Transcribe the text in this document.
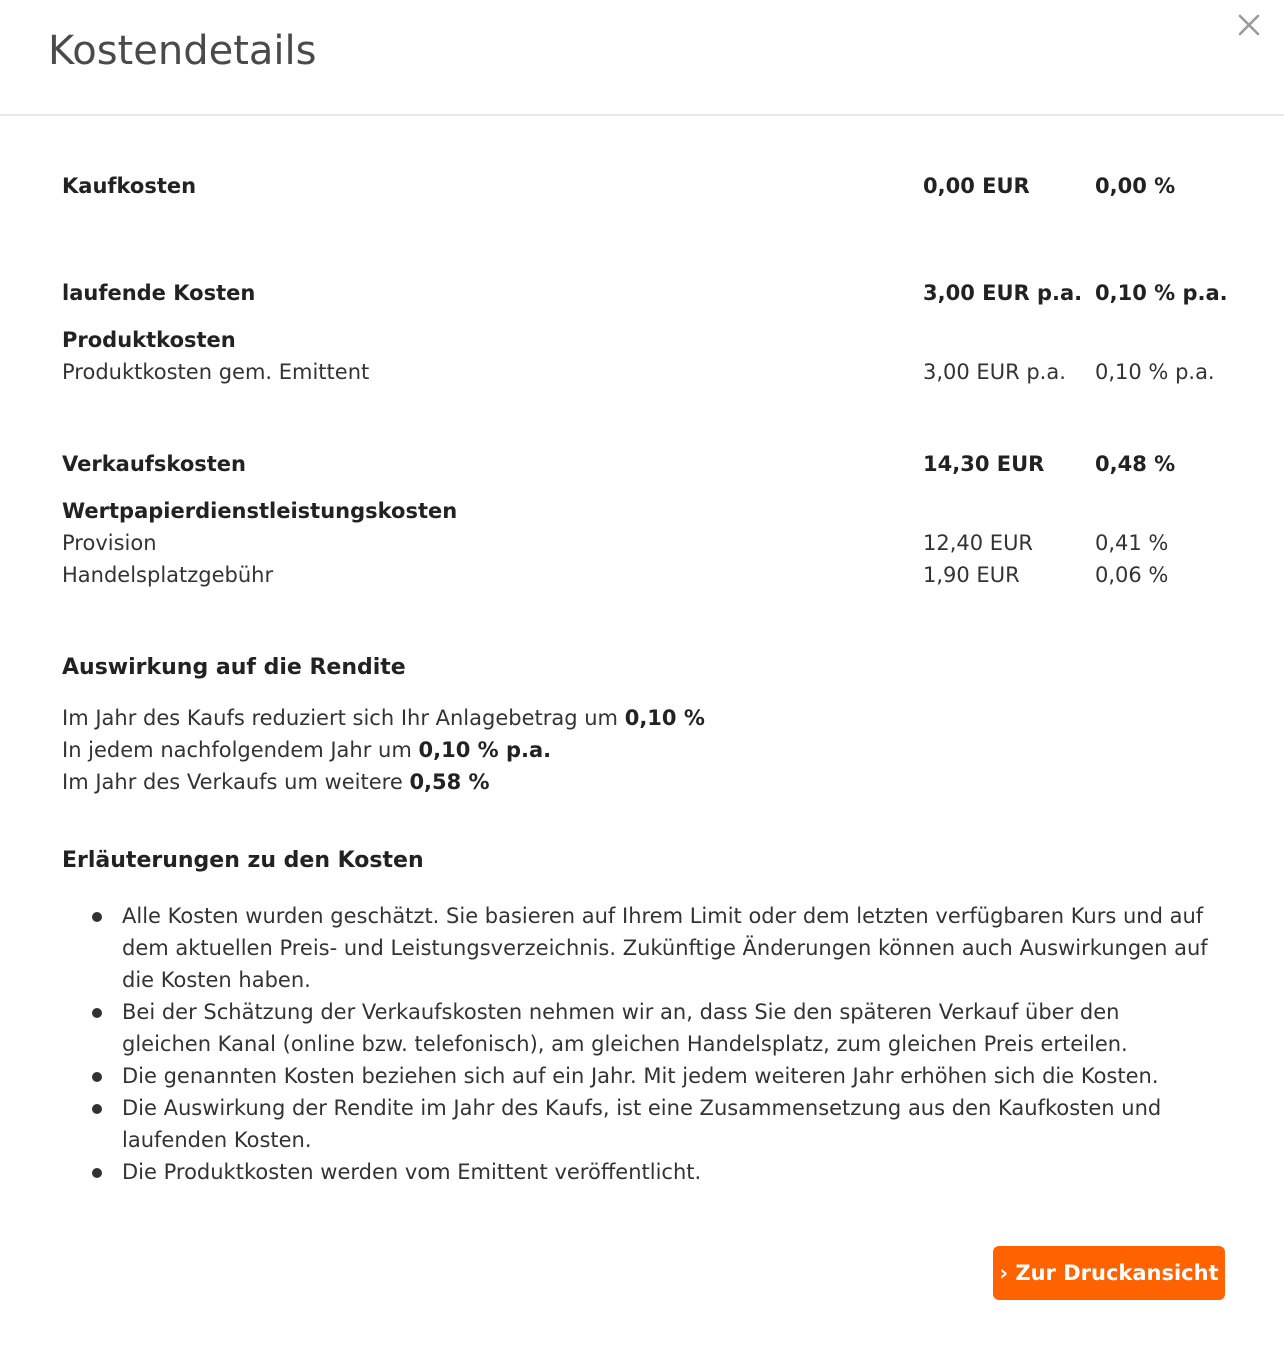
Kostendetails
Kaufkosten	0,00 EUR	0,00 %
laufende Kosten	3,00 EUR p.a. 0,10 % p.a.
Produktkosten
Produktkosten gem. Emittent	3,00 EUR p.a. 0,10 % p.a.
Verkaufskosten	14,30 EUR 0,48 %
Wertpapierdienstleistungskosten
Provision	12,40 EUR	0,41 %
Handelsplatzgebühr	1,90 EUR	0,06 %
Auswirkung auf die Rendite
Im Jahr des Kaufs reduziert sich Ihr Anlagebetrag um 0,10 %
In jedem nachfolgendem Jahr um 0,10 % p.a.
Im Jahr des Verkaufs um weitere 0,58 %
Erläuterungen zu den Kosten
Alle Kosten wurden geschätzt. Sie basieren auf Ihrem Limit oder dem letzten verfügbaren Kurs und auf dem aktuellen Preis- und Leistungsverzeichnis. Zukünftige Änderungen können auch Auswirkungen auf die Kosten haben.
Bei der Schätzung der Verkaufskosten nehmen wir an, dass Sie den späteren Verkauf über den gleichen Kanal (online bzw. telefonisch), am gleichen Handelsplatz, zum gleichen Preis erteilen.
Die genannten Kosten beziehen sich auf ein Jahr. Mit jedem weiteren Jahr erhöhen sich die Kosten.
Die Auswirkung der Rendite im Jahr des Kaufs, ist eine Zusammensetzung aus den Kaufkosten und laufenden Kosten.
Die Produktkosten werden vom Emittent veröffentlicht.
› Zur Druckansicht
